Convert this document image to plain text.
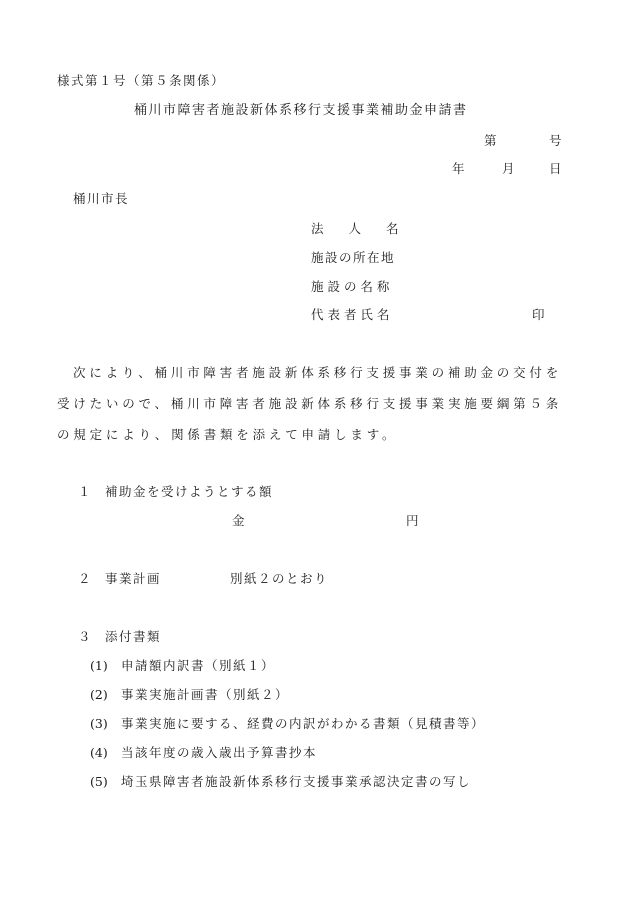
様式第１号（第５条関係）
桶川市障害者施設新体系移行支援事業補助金申請書
第	号
年	月	日
桶川市長
法　　人　　名
施設の所在地
施 設 の 名 称
代 表 者 氏 名	印
次により、桶川市障害者施設新体系移行支援事業の補助金の交付を受けたいので、桶川市障害者施設新体系移行支援事業実施要綱第５条の規定により、関係書類を添えて申請します。
１ 補助金を受けようとする額
金	円
２ 事業計画	別紙２のとおり
３ 添付書類
(1) 申請額内訳書（別紙１）
(2) 事業実施計画書（別紙２）
(3) 事業実施に要する、経費の内訳がわかる書類（見積書等）
(4) 当該年度の歳入歳出予算書抄本
(5) 埼玉県障害者施設新体系移行支援事業承認決定書の写し
